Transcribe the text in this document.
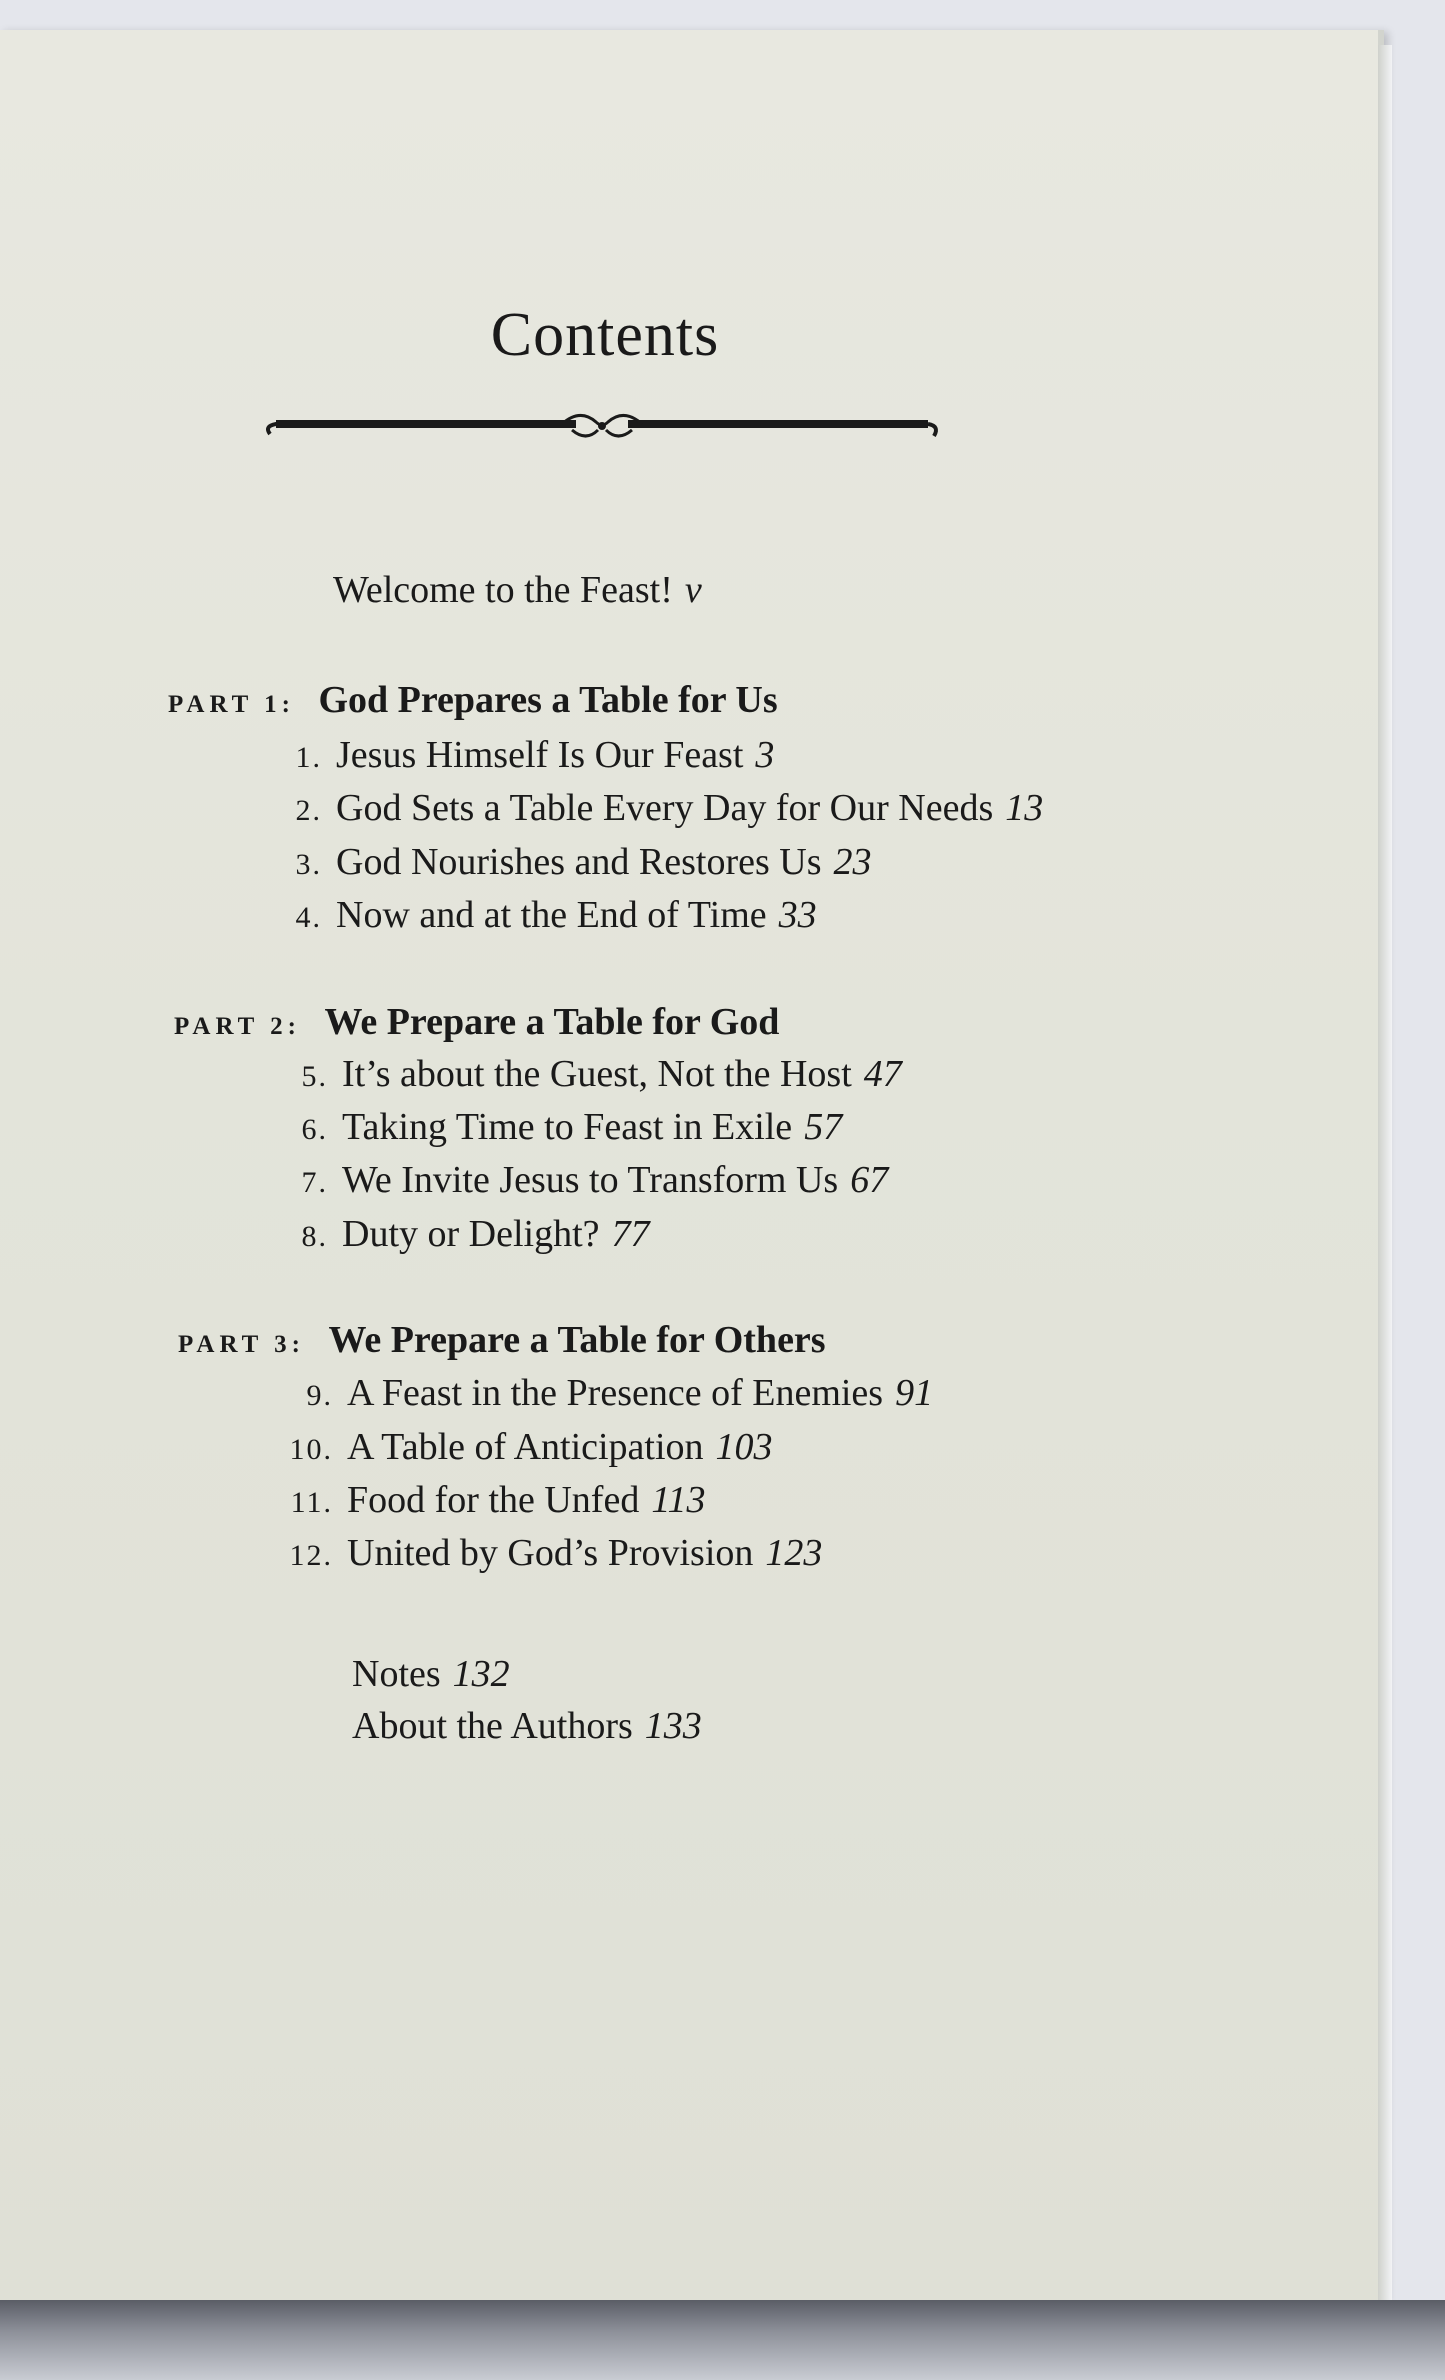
Contents
Welcome to the Feast! v
PART 1: God Prepares a Table for Us
1. Jesus Himself Is Our Feast 3
2. God Sets a Table Every Day for Our Needs 13
3. God Nourishes and Restores Us 23
4. Now and at the End of Time 33
PART 2: We Prepare a Table for God
5. It’s about the Guest, Not the Host 47
6. Taking Time to Feast in Exile 57
7. We Invite Jesus to Transform Us 67
8. Duty or Delight? 77
PART 3: We Prepare a Table for Others
9. A Feast in the Presence of Enemies 91
10. A Table of Anticipation 103
11. Food for the Unfed 113
12. United by God’s Provision 123
Notes 132
About the Authors 133
